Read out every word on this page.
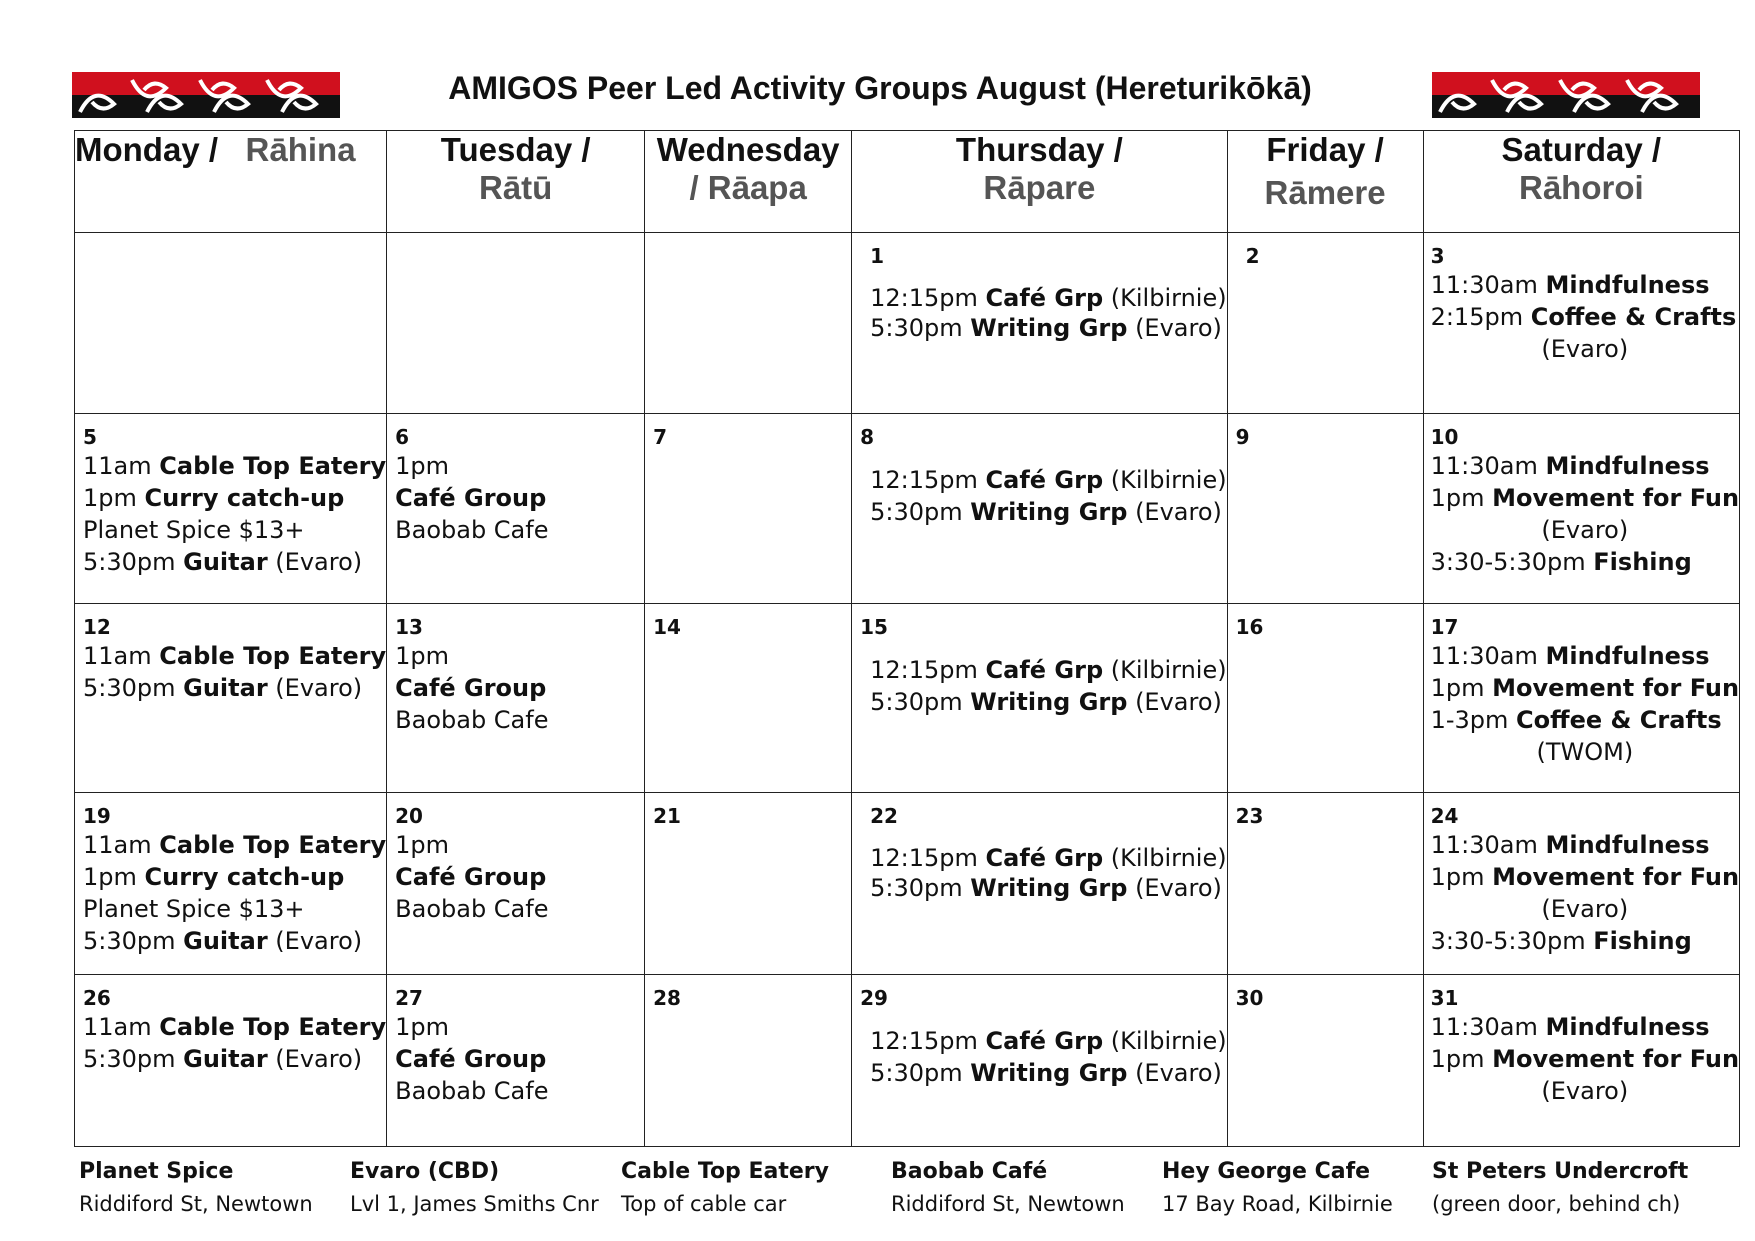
AMIGOS Peer Led Activity Groups August (Hereturikōkā)
Monday / Rāhina	Tuesday /
Rātū	Wednesday
/ Rāapa	Thursday /
Rāpare	Friday /
Rāmere	Saturday /
Rāhoroi

			1
12:15pm Café Grp (Kilbirnie)
5:30pm Writing Grp (Evaro)	2	3
11:30am Mindfulness
2:15pm Coffee & Crafts
(Evaro)

5
11am Cable Top Eatery
1pm Curry catch-up
Planet Spice $13+
5:30pm Guitar (Evaro)	6
1pm
Café Group
Baobab Cafe	7	8
12:15pm Café Grp (Kilbirnie)
5:30pm Writing Grp (Evaro)	9	10
11:30am Mindfulness
1pm Movement for Fun
(Evaro)
3:30-5:30pm Fishing

12
11am Cable Top Eatery
5:30pm Guitar (Evaro)	13
1pm
Café Group
Baobab Cafe	14	15
12:15pm Café Grp (Kilbirnie)
5:30pm Writing Grp (Evaro)	16	17
11:30am Mindfulness
1pm Movement for Fun
1-3pm Coffee & Crafts
(TWOM)

19
11am Cable Top Eatery
1pm Curry catch-up
Planet Spice $13+
5:30pm Guitar (Evaro)	20
1pm
Café Group
Baobab Cafe	21	22
12:15pm Café Grp (Kilbirnie)
5:30pm Writing Grp (Evaro)	23	24
11:30am Mindfulness
1pm Movement for Fun
(Evaro)
3:30-5:30pm Fishing

26
11am Cable Top Eatery
5:30pm Guitar (Evaro)	27
1pm
Café Group
Baobab Cafe	28	29
12:15pm Café Grp (Kilbirnie)
5:30pm Writing Grp (Evaro)	30	31
11:30am Mindfulness
1pm Movement for Fun
(Evaro)
Planet Spice
Riddiford St, Newtown
Evaro (CBD)
Lvl 1, James Smiths Cnr
Cable Top Eatery
Top of cable car
Baobab Café
Riddiford St, Newtown
Hey George Cafe
17 Bay Road, Kilbirnie
St Peters Undercroft
(green door, behind ch)
